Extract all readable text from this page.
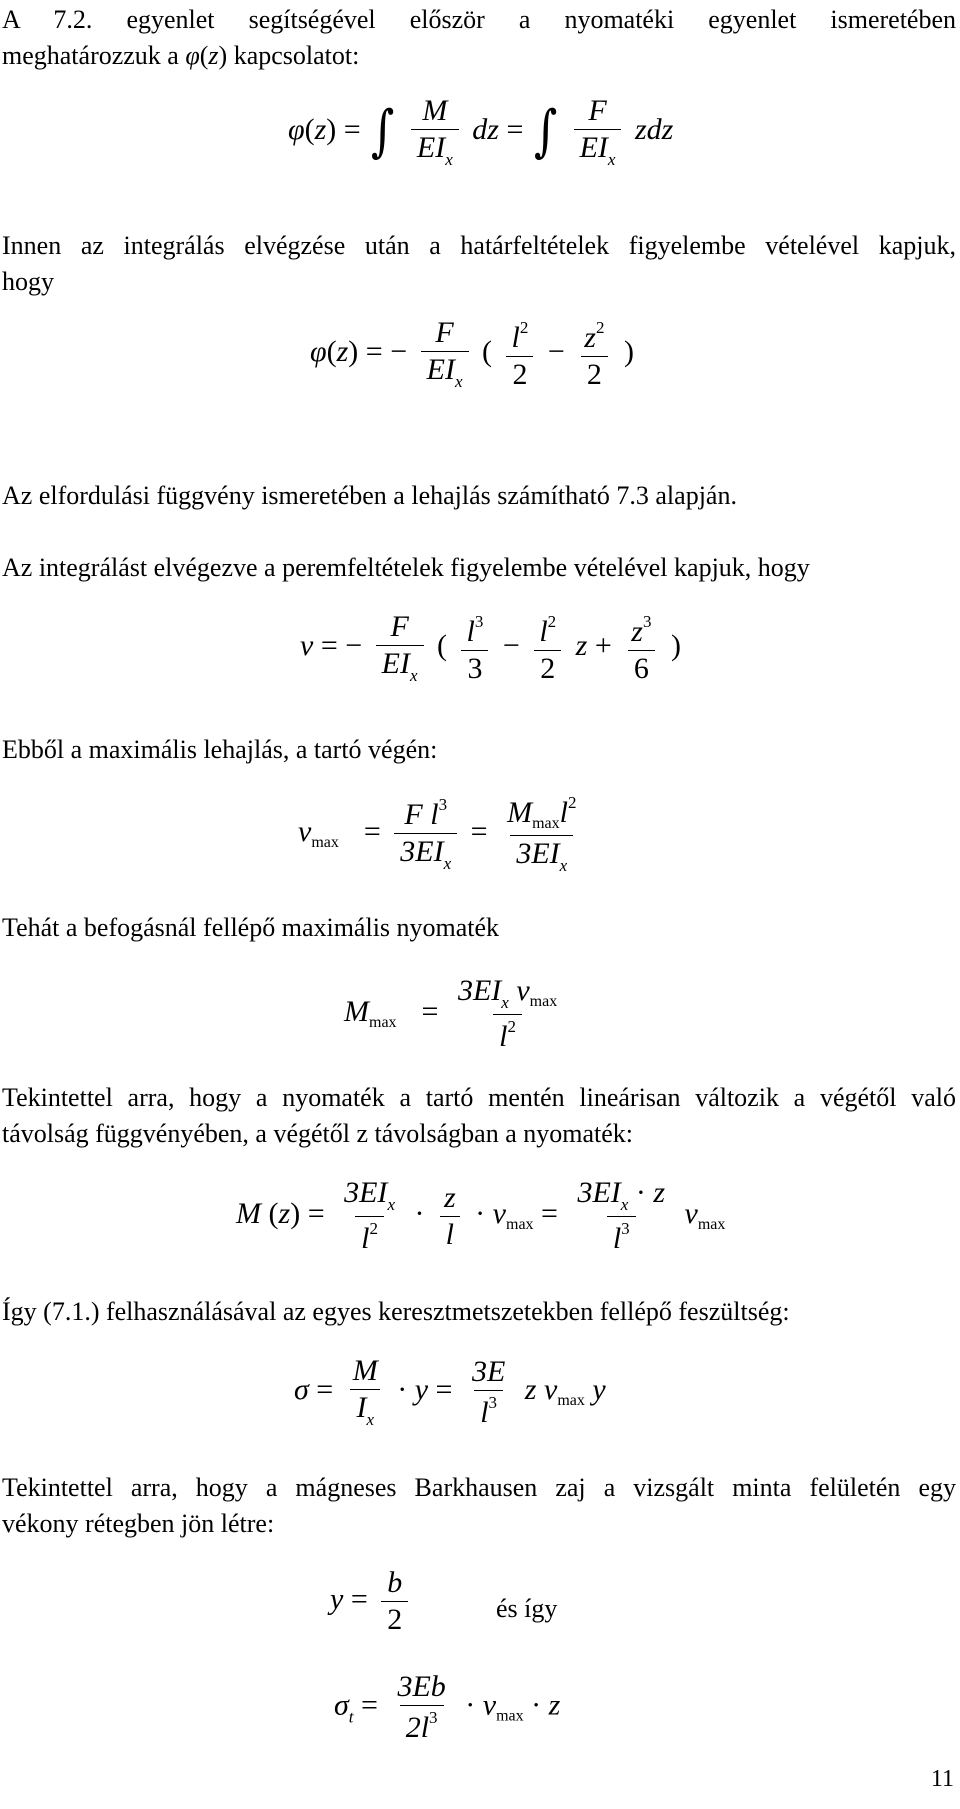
A 7.2. egyenlet segítségével először a nyomatéki egyenlet ismeretében
meghatározzuk a φ(z) kapcsolatot:
φ(z) = ∫ $\frac{M}{EI_x}$ dz = ∫ $\frac{F}{EI_x}$ zdz
Innen az integrálás elvégzése után a határfeltételek figyelembe vételével kapjuk,
hogy
φ(z) = − $\frac{F}{EI_x}$ ( $\frac{l^2}{2} - \frac{z^2}{2}$ )
Az elfordulási függvény ismeretében a lehajlás számítható 7.3 alapján.
Az integrálást elvégezve a peremfeltételek figyelembe vételével kapjuk, hogy
v = − $\frac{F}{EI_x}$ ( $\frac{l^3}{3} - \frac{l^2}{2}$ $z + \frac{z^3}{6}$ )
Ebből a maximális lehajlás, a tartó végén:
$v_{max} = \frac{F l^3}{3EI_x} = \frac{M_{max}l^2}{3EI_x}$
Tehát a befogásnál fellépő maximális nyomaték
$M_{max} = \frac{3EI_x v_{max}}{l^2}$
Tekintettel arra, hogy a nyomaték a tartó mentén lineárisan változik a végétől való
távolság függvényében, a végétől z távolságban a nyomaték:
M $(z) = \frac{3EI_x}{l^2} \cdot \frac{z}{l} \cdot v_{max} = \frac{3EI_x \cdot z}{l^3} v_{max}$
Így (7.1.) felhasználásával az egyes keresztmetszetekben fellépő feszültség:
$\sigma = \frac{M}{I_x} \cdot y = \frac{3E}{l^3}$ z $v_{max}$ y
Tekintettel arra, hogy a mágneses Barkhausen zaj a vizsgált minta felületén egy
vékony rétegben jön létre:
$y = \frac{b}{2}$	és így
$\sigma_t = \frac{3Eb}{2l^3} \cdot v_{max} \cdot z$
11
